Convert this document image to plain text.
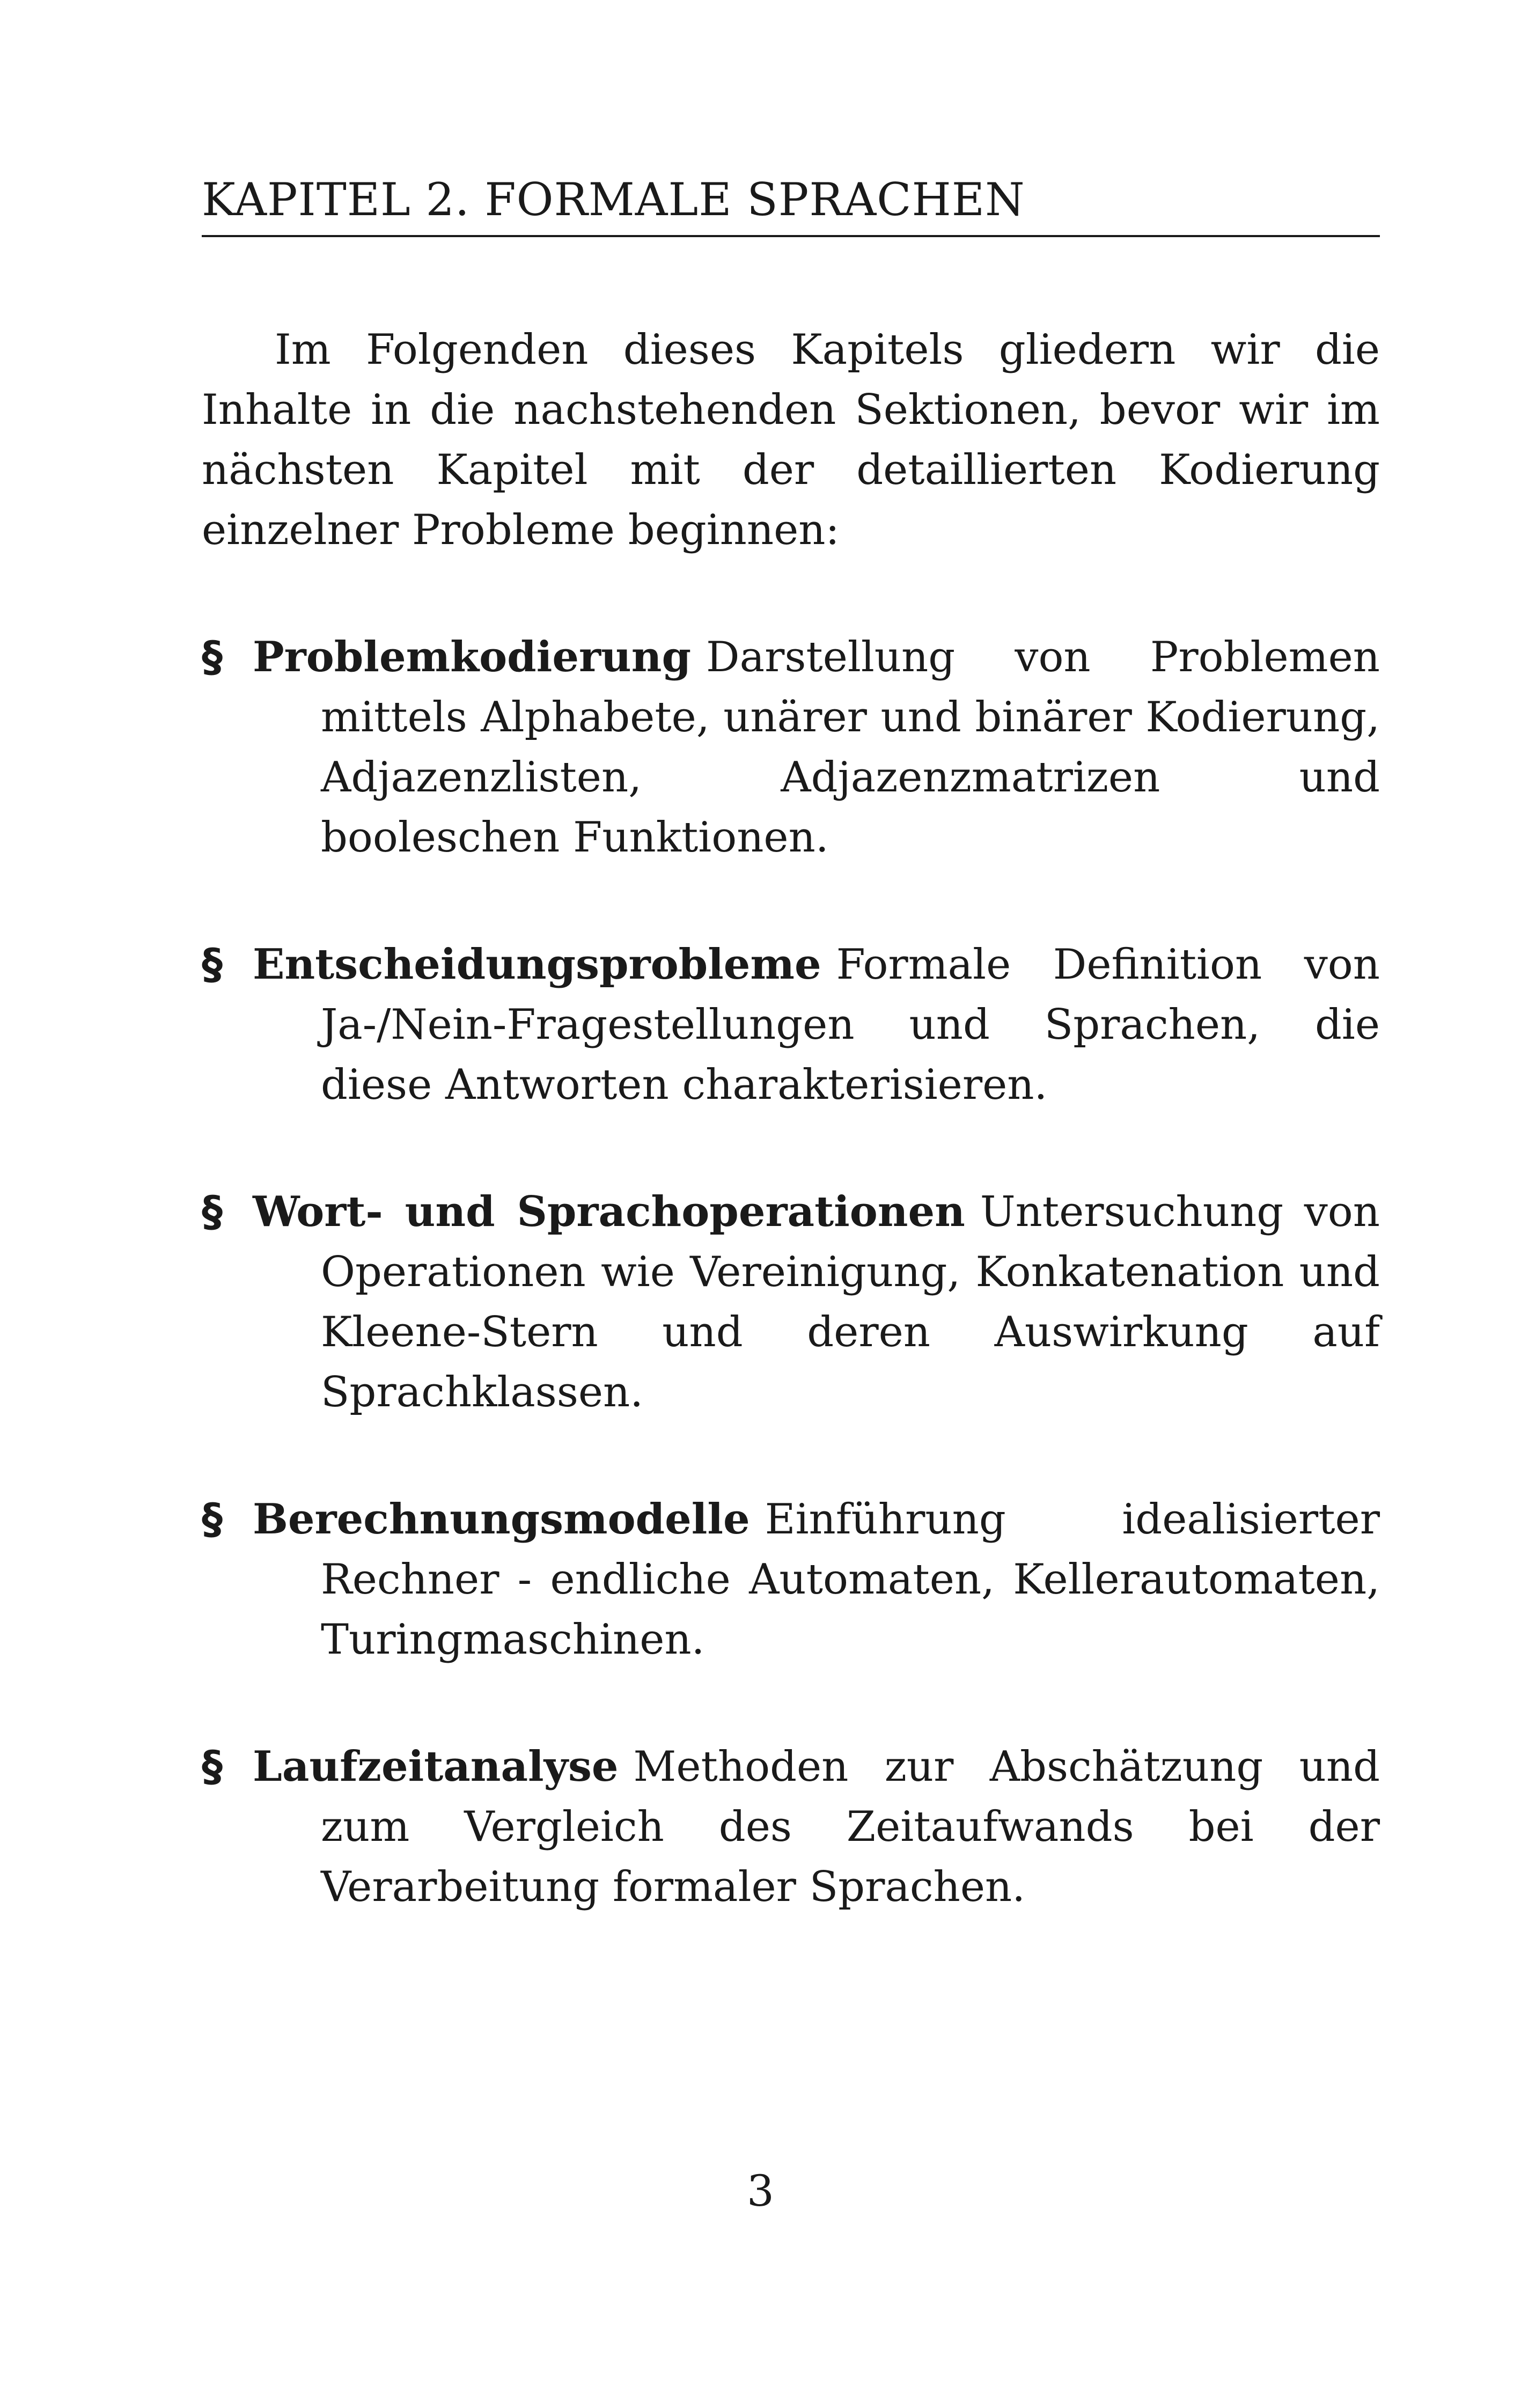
KAPITEL 2. FORMALE SPRACHEN

Im Folgenden dieses Kapitels gliedern wir die Inhalte in die nachstehenden Sektionen, bevor wir im nächsten Kapitel mit der detaillierten Kodierung einzelner Probleme beginnen:

§ Problemkodierung Darstellung von Problemen mittels Alphabete, unärer und binärer Kodierung, Adjazenzlisten, Adjazenzmatrizen und booleschen Funktionen.
§ Entscheidungsprobleme Formale Definition von Ja-/Nein-Fragestellungen und Sprachen, die diese Antworten charakterisieren.
§ Wort- und Sprachoperationen Untersuchung von Operationen wie Vereinigung, Konkatenation und Kleene-Stern und deren Auswirkung auf Sprachklassen.
§ Berechnungsmodelle Einführung idealisierter Rechner - endliche Automaten, Kellerautomaten, Turingmaschinen.
§ Laufzeitanalyse Methoden zur Abschätzung und zum Vergleich des Zeitaufwands bei der Verarbeitung formaler Sprachen.
3
